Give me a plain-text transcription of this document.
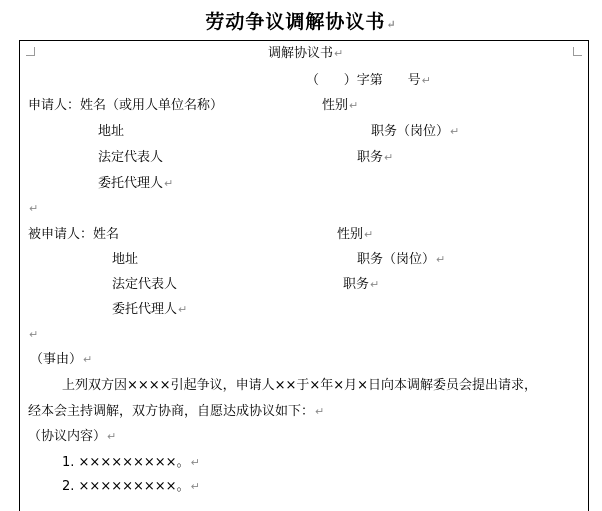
劳动争议调解协议书 ↵
调解协议书 ↵
（      ）字第      号 ↵
申请人：姓名（或用人单位名称）	性别 ↵
地址	职务（岗位） ↵
法定代表人	职务 ↵
委托代理人 ↵
↵
被申请人：姓名	性别 ↵
地址	职务（岗位） ↵
法定代表人	职务 ↵
委托代理人 ↵
↵
（事由） ↵
上列双方因××××引起争议，申请人××于×年×月×日向本调解委员会提出请求，
经本会主持调解，双方协商，自愿达成协议如下： ↵
（协议内容） ↵
1. ×××××××××。 ↵
2. ×××××××××。 ↵
